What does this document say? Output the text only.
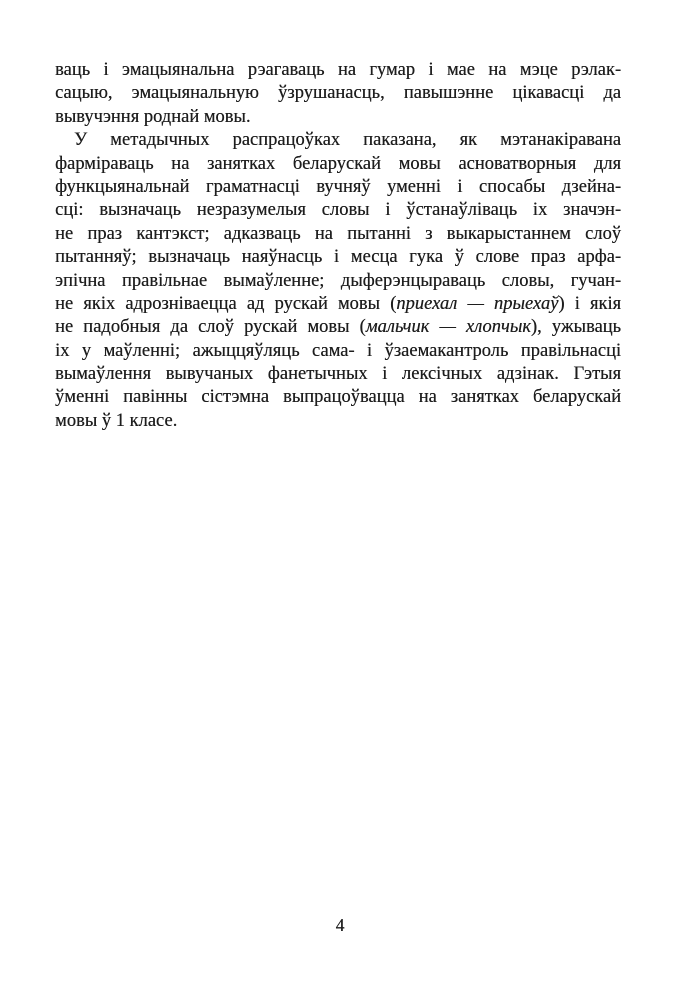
ваць і эмацыянальна рэагаваць на гумар і мае на мэце рэлак-
сацыю, эмацыянальную ўзрушанасць, павышэнне цікавасці да
вывучэння роднай мовы.
У метадычных распрацоўках паказана, як мэтанакіравана
фарміраваць на занятках беларускай мовы асноватворныя для
функцыянальнай граматнасці вучняў уменні і спосабы дзейна-
сці: вызначаць незразумелыя словы і ўстанаўліваць іх значэн-
не праз кантэкст; адказваць на пытанні з выкарыстаннем слоў
пытанняў; вызначаць наяўнасць і месца гука ў слове праз арфа-
эпічна правільнае вымаўленне; дыферэнцыраваць словы, гучан-
не якіх адрозніваецца ад рускай мовы (приехал — прыехаў) і якія
не падобныя да слоў рускай мовы (мальчик — хлопчык), ужываць
іх у маўленні; ажыццяўляць сама- і ўзаемакантроль правільнасці
вымаўлення вывучаных фанетычных і лексічных адзінак. Гэтыя
ўменні павінны сістэмна выпрацоўвацца на занятках беларускай
мовы ў 1 класе.
4
